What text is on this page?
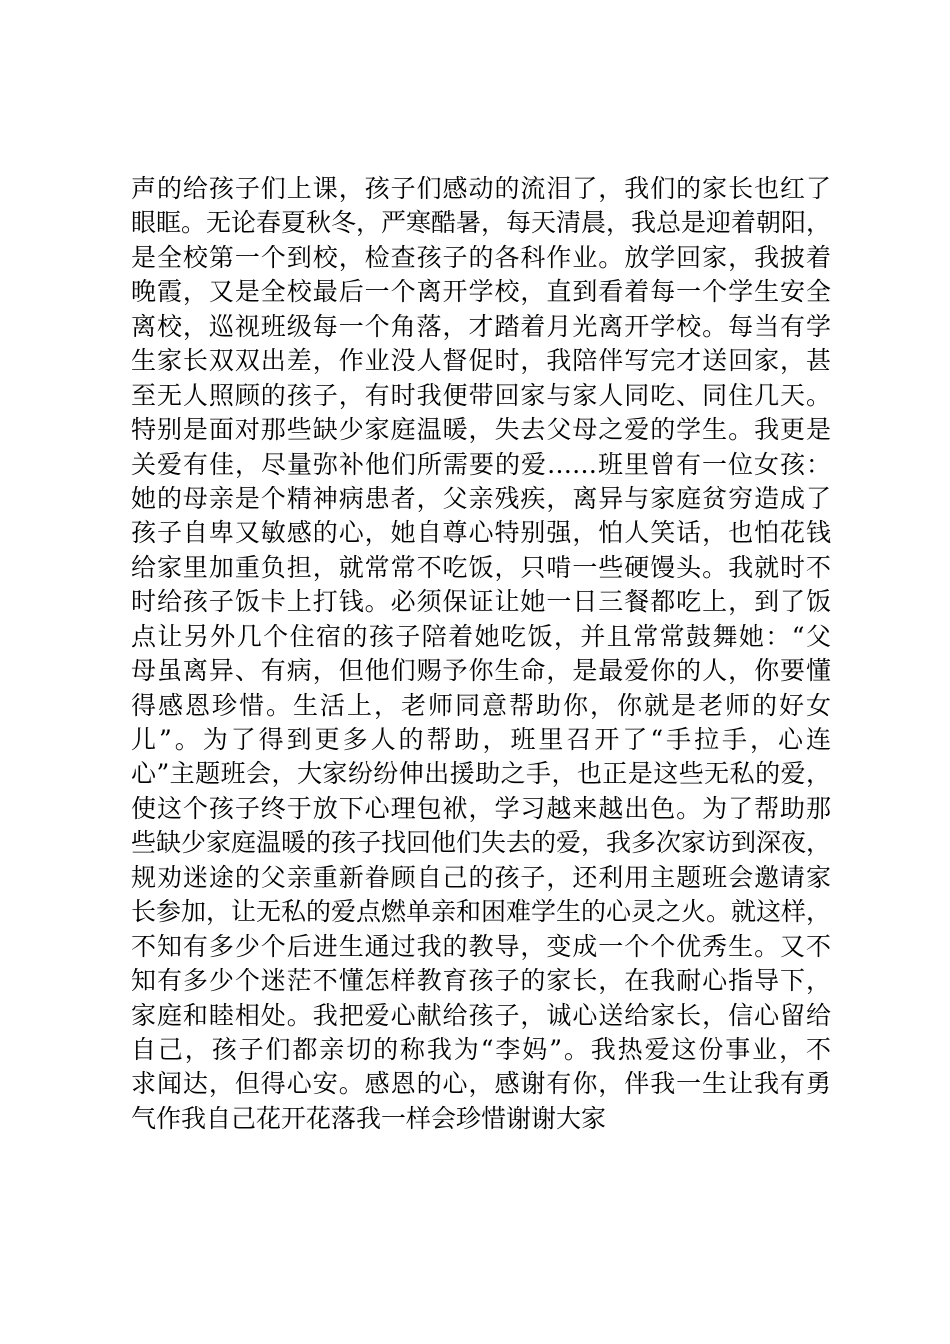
声的给孩子们上课，孩子们感动的流泪了，我们的家长也红了
眼眶。无论春夏秋冬，严寒酷暑，每天清晨，我总是迎着朝阳，
是全校第一个到校，检查孩子的各科作业。放学回家，我披着
晚霞，又是全校最后一个离开学校，直到看着每一个学生安全
离校，巡视班级每一个角落，才踏着月光离开学校。每当有学
生家长双双出差，作业没人督促时，我陪伴写完才送回家，甚
至无人照顾的孩子，有时我便带回家与家人同吃、同住几天。
特别是面对那些缺少家庭温暖，失去父母之爱的学生。我更是
关爱有佳，尽量弥补他们所需要的爱……班里曾有一位女孩：
她的母亲是个精神病患者，父亲残疾，离异与家庭贫穷造成了
孩子自卑又敏感的心，她自尊心特别强，怕人笑话，也怕花钱
给家里加重负担，就常常不吃饭，只啃一些硬馒头。我就时不
时给孩子饭卡上打钱。必须保证让她一日三餐都吃上，到了饭
点让另外几个住宿的孩子陪着她吃饭，并且常常鼓舞她：“父
母虽离异、有病，但他们赐予你生命，是最爱你的人，你要懂
得感恩珍惜。生活上，老师同意帮助你，你就是老师的好女
儿”。为了得到更多人的帮助，班里召开了“手拉手，心连
心”主题班会，大家纷纷伸出援助之手，也正是这些无私的爱，
使这个孩子终于放下心理包袱，学习越来越出色。为了帮助那
些缺少家庭温暖的孩子找回他们失去的爱，我多次家访到深夜，
规劝迷途的父亲重新眷顾自己的孩子，还利用主题班会邀请家
长参加，让无私的爱点燃单亲和困难学生的心灵之火。就这样，
不知有多少个后进生通过我的教导，变成一个个优秀生。又不
知有多少个迷茫不懂怎样教育孩子的家长，在我耐心指导下，
家庭和睦相处。我把爱心献给孩子，诚心送给家长，信心留给
自己，孩子们都亲切的称我为“李妈”。我热爱这份事业，不
求闻达，但得心安。感恩的心，感谢有你，伴我一生让我有勇
气作我自己花开花落我一样会珍惜谢谢大家
